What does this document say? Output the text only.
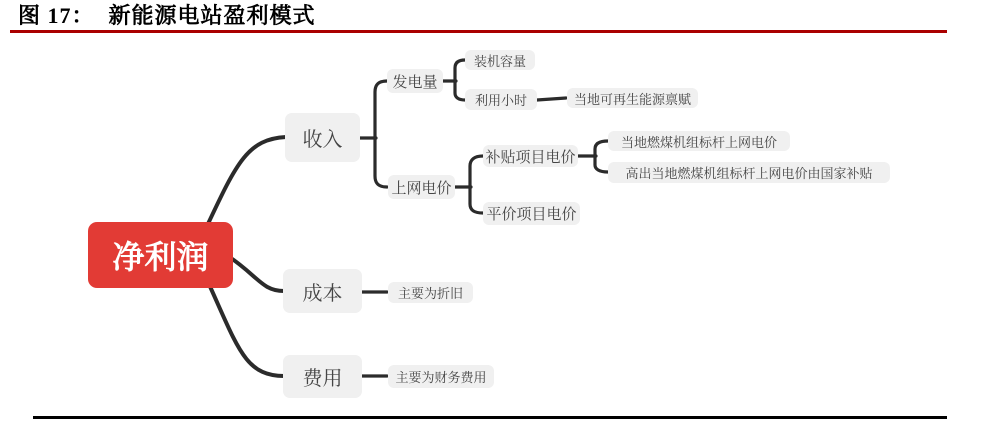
图 17： 新能源电站盈利模式
净利润
收入
成本
费用
发电量
装机容量
利用小时	当地可再生能源禀赋
上网电价
补贴项目电价
当地燃煤机组标杆上网电价
高出当地燃煤机组标杆上网电价由国家补贴
平价项目电价
主要为折旧
主要为财务费用
